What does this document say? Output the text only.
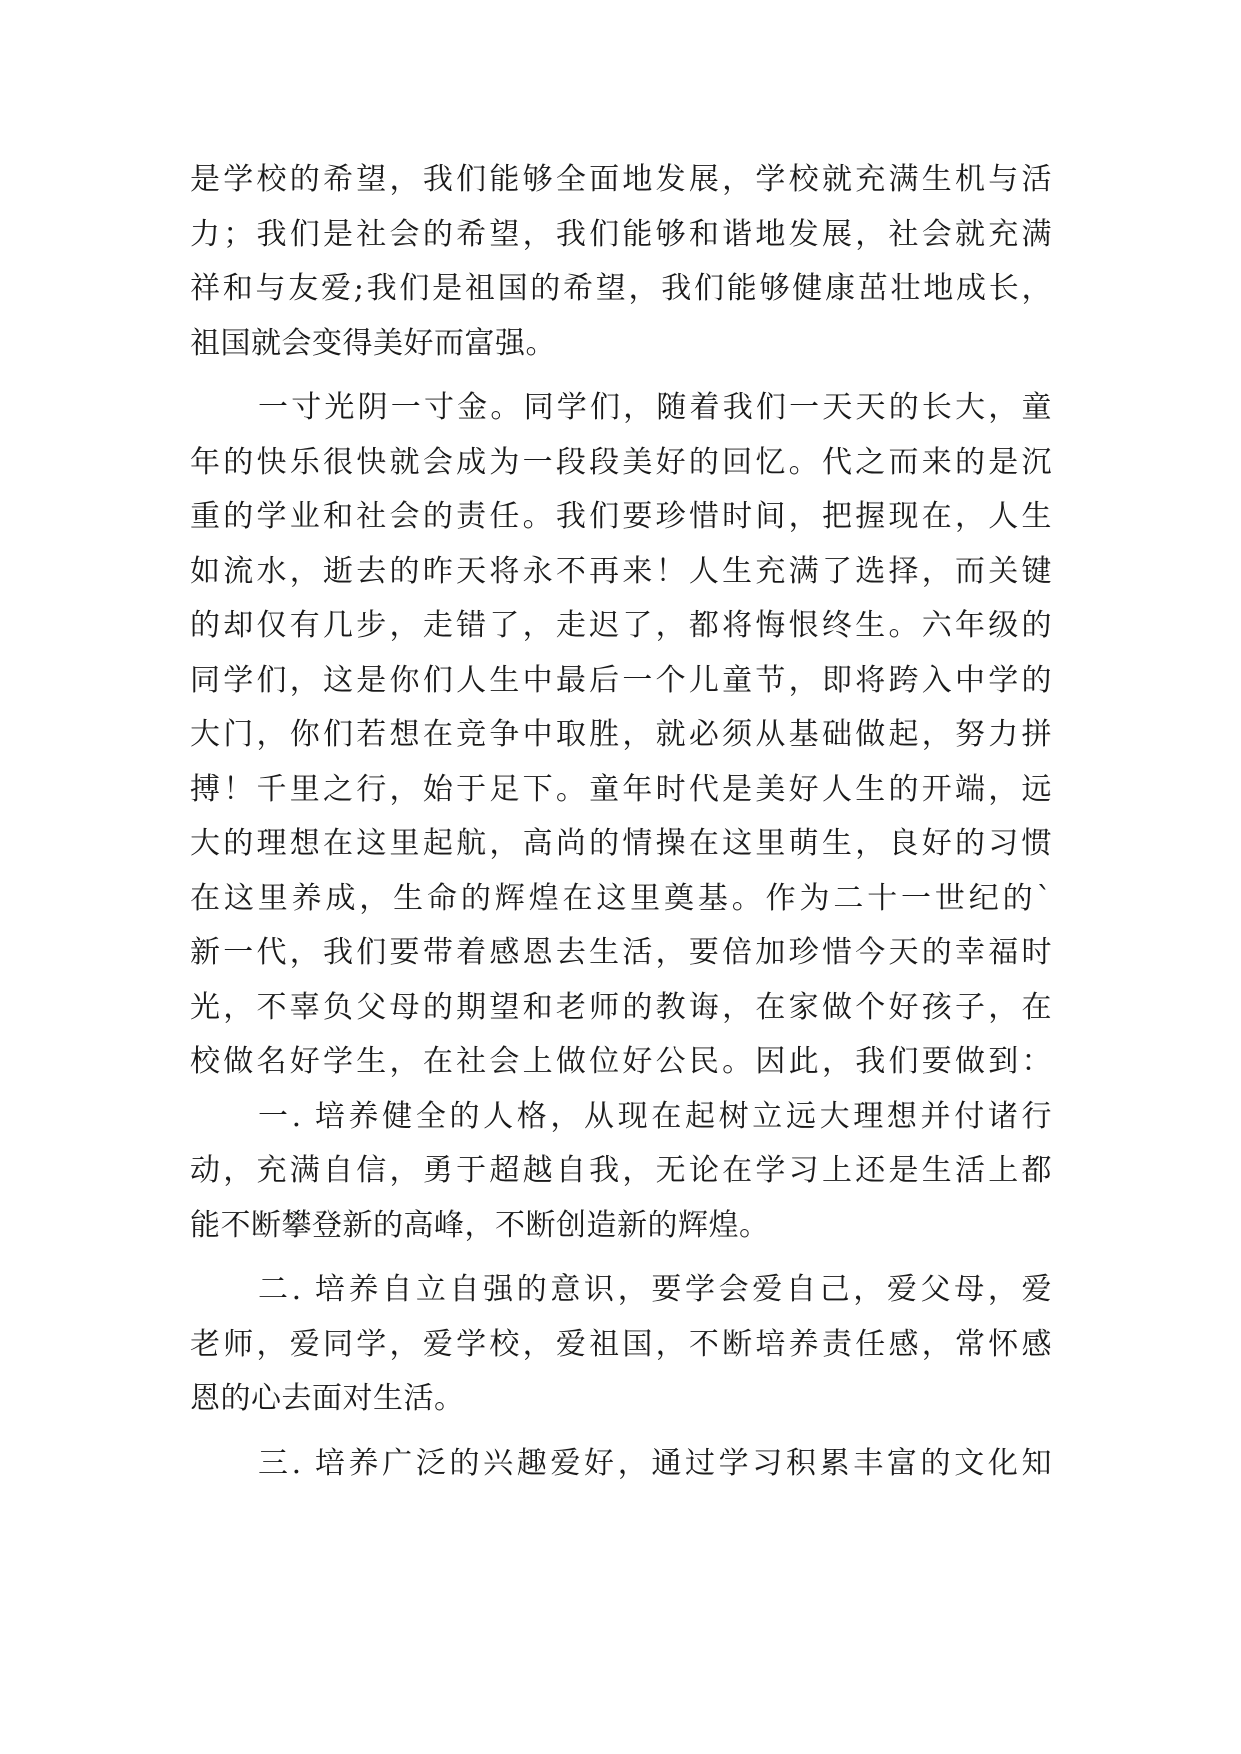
是学校的希望，我们能够全面地发展，学校就充满生机与活
力；我们是社会的希望，我们能够和谐地发展，社会就充满
祥和与友爱;我们是祖国的希望，我们能够健康茁壮地成长，
祖国就会变得美好而富强。
一寸光阴一寸金。同学们，随着我们一天天的长大，童
年的快乐很快就会成为一段段美好的回忆。代之而来的是沉
重的学业和社会的责任。我们要珍惜时间，把握现在，人生
如流水，逝去的昨天将永不再来！人生充满了选择，而关键
的却仅有几步，走错了，走迟了，都将悔恨终生。六年级的
同学们，这是你们人生中最后一个儿童节，即将跨入中学的
大门，你们若想在竞争中取胜，就必须从基础做起，努力拼
搏！千里之行，始于足下。童年时代是美好人生的开端，远
大的理想在这里起航，高尚的情操在这里萌生，良好的习惯
在这里养成，生命的辉煌在这里奠基。作为二十一世纪的`
新一代，我们要带着感恩去生活，要倍加珍惜今天的幸福时
光，不辜负父母的期望和老师的教诲，在家做个好孩子，在
校做名好学生，在社会上做位好公民。因此，我们要做到：
一. 培养健全的人格，从现在起树立远大理想并付诸行
动，充满自信，勇于超越自我，无论在学习上还是生活上都
能不断攀登新的高峰，不断创造新的辉煌。
二. 培养自立自强的意识，要学会爱自己，爱父母，爱
老师，爱同学，爱学校，爱祖国，不断培养责任感，常怀感
恩的心去面对生活。
三. 培养广泛的兴趣爱好，通过学习积累丰富的文化知
